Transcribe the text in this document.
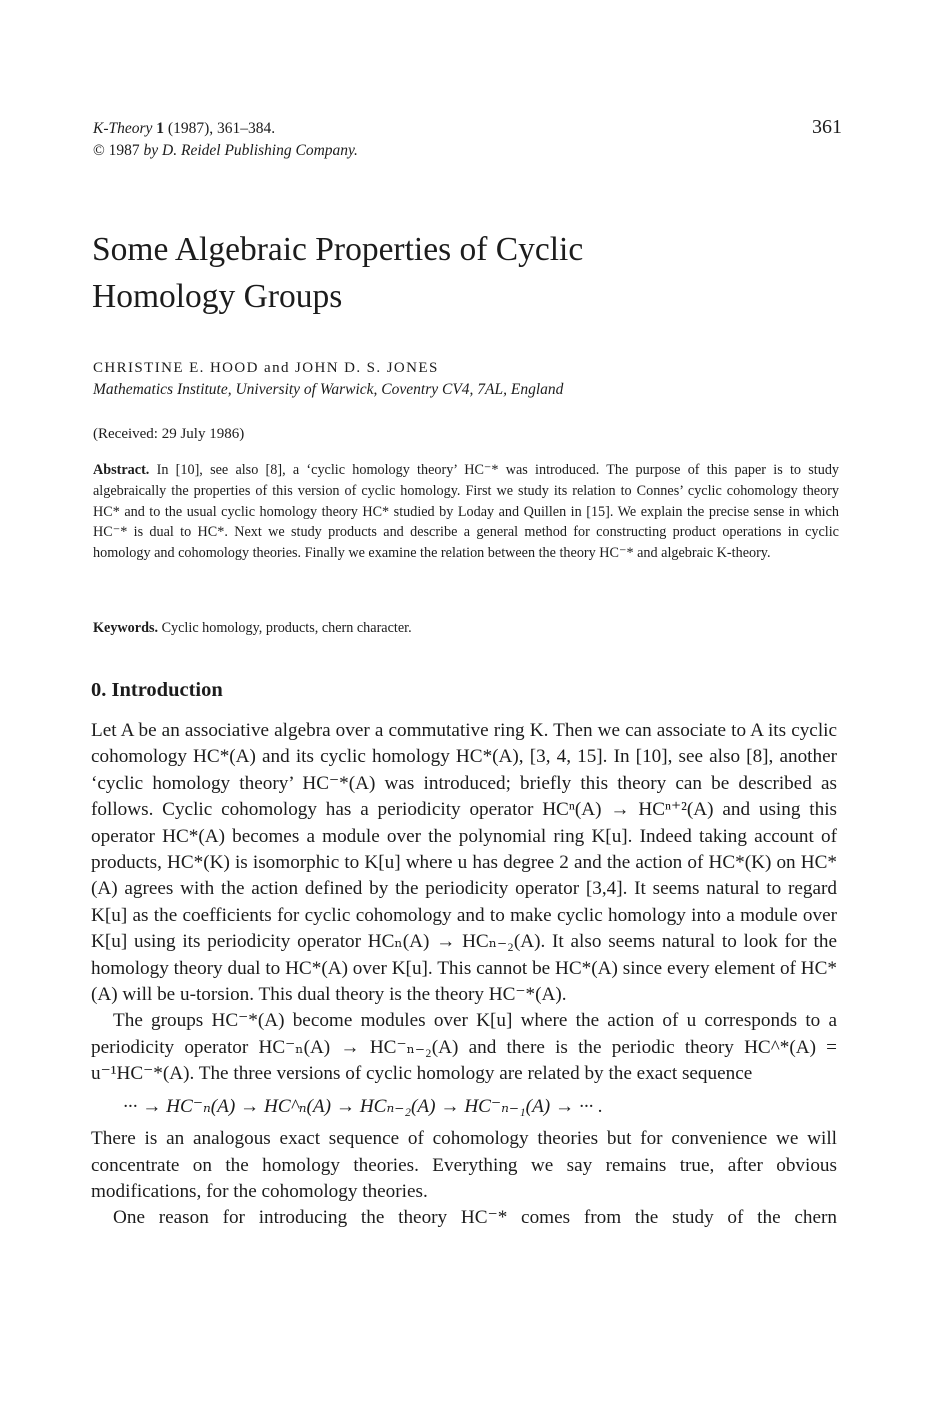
K-Theory 1 (1987), 361–384.
© 1987 by D. Reidel Publishing Company.
361
Some Algebraic Properties of Cyclic
Homology Groups
CHRISTINE E. HOOD and JOHN D. S. JONES
Mathematics Institute, University of Warwick, Coventry CV4, 7AL, England
(Received: 29 July 1986)

Abstract. In [10], see also [8], a ‘cyclic homology theory’ HC⁻* was introduced. The purpose of this paper is to study algebraically the properties of this version of cyclic homology. First we study its relation to Connes’ cyclic cohomology theory HC* and to the usual cyclic homology theory HC* studied by Loday and Quillen in [15]. We explain the precise sense in which HC⁻* is dual to HC*. Next we study products and describe a general method for constructing product operations in cyclic homology and cohomology theories. Finally we examine the relation between the theory HC⁻* and algebraic K-theory.

Keywords. Cyclic homology, products, chern character.
0. Introduction

Let A be an associative algebra over a commutative ring K. Then we can associate to A its cyclic cohomology HC*(A) and its cyclic homology HC*(A), [3, 4, 15]. In [10], see also [8], another ‘cyclic homology theory’ HC⁻*(A) was introduced; briefly this theory can be described as follows. Cyclic cohomology has a periodicity operator HCⁿ(A) → HCⁿ⁺²(A) and using this operator HC*(A) becomes a module over the polynomial ring K[u]. Indeed taking account of products, HC*(K) is isomorphic to K[u] where u has degree 2 and the action of HC*(K) on HC*(A) agrees with the action defined by the periodicity operator [3,4]. It seems natural to regard K[u] as the coefficients for cyclic cohomology and to make cyclic homology into a module over K[u] using its periodicity operator HCₙ(A) → HCₙ₋₂(A). It also seems natural to look for the homology theory dual to HC*(A) over K[u]. This cannot be HC*(A) since every element of HC*(A) will be u-torsion. This dual theory is the theory HC⁻*(A).

The groups HC⁻*(A) become modules over K[u] where the action of u corresponds to a periodicity operator HC⁻ₙ(A) → HC⁻ₙ₋₂(A) and there is the periodic theory HC^*(A) = u⁻¹HC⁻*(A). The three versions of cyclic homology are related by the exact sequence

··· → HC⁻ₙ(A) → HC^ₙ(A) → HCₙ₋₂(A) → HC⁻ₙ₋₁(A) → ··· .

There is an analogous exact sequence of cohomology theories but for convenience we will concentrate on the homology theories. Everything we say remains true, after obvious modifications, for the cohomology theories.

One reason for introducing the theory HC⁻* comes from the study of the chern
